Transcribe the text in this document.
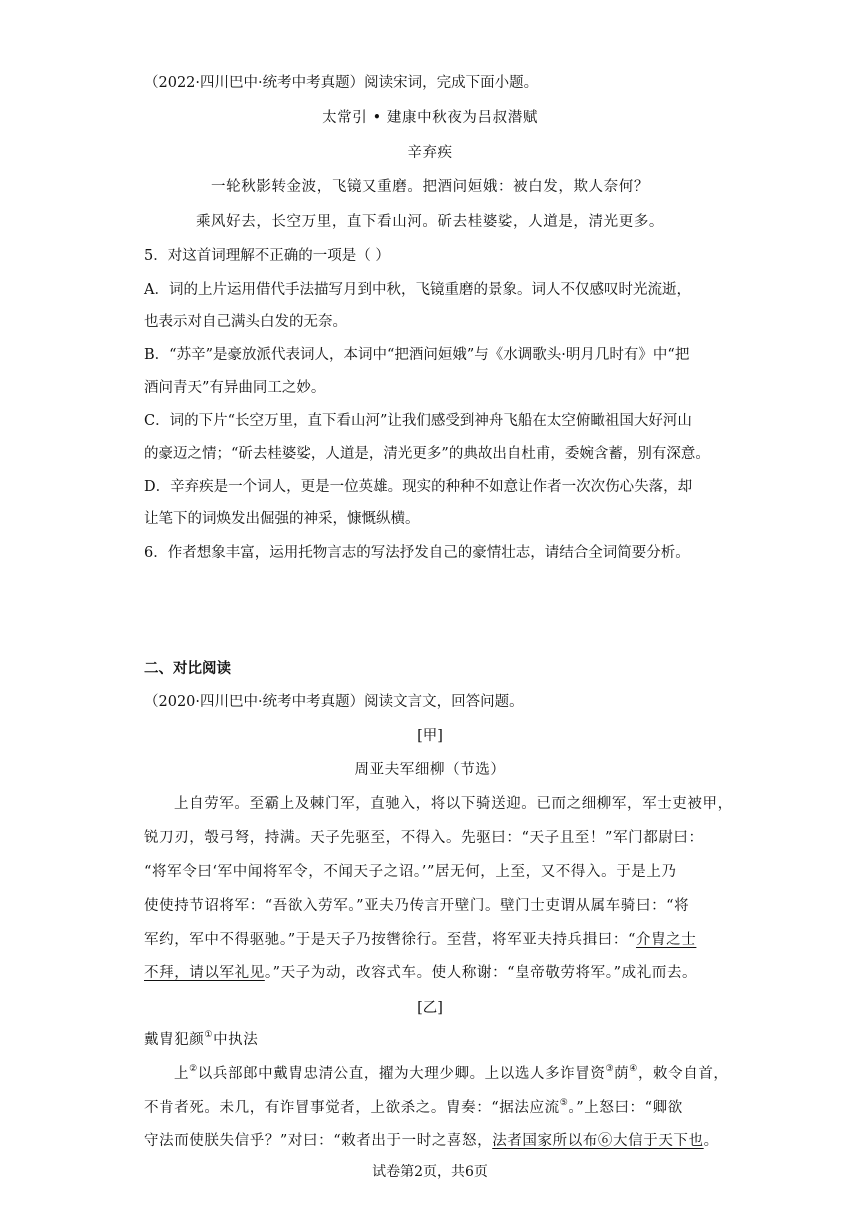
（2022·四川巴中·统考中考真题）阅读宋词，完成下面小题。
太常引 • 建康中秋夜为吕叔潜赋
辛弃疾
一轮秋影转金波，飞镜又重磨。把酒问姮娥：被白发，欺人奈何？
乘风好去，长空万里，直下看山河。斫去桂婆娑，人道是，清光更多。
5．对这首词理解不正确的一项是（ ）
A．词的上片运用借代手法描写月到中秋，飞镜重磨的景象。词人不仅感叹时光流逝，
也表示对自己满头白发的无奈。
B．“苏辛”是豪放派代表词人，本词中“把酒问姮娥”与《水调歌头·明月几时有》中“把
酒问青天”有异曲同工之妙。
C．词的下片“长空万里，直下看山河”让我们感受到神舟飞船在太空俯瞰祖国大好河山
的豪迈之情；“斫去桂婆娑，人道是，清光更多”的典故出自杜甫，委婉含蓄，别有深意。
D．辛弃疾是一个词人，更是一位英雄。现实的种种不如意让作者一次次伤心失落，却
让笔下的词焕发出倔强的神采，慷慨纵横。
6．作者想象丰富，运用托物言志的写法抒发自己的豪情壮志，请结合全词简要分析。
二、对比阅读
（2020·四川巴中·统考中考真题）阅读文言文，回答问题。
[甲]
周亚夫军细柳（节选）
上自劳军。至霸上及棘门军，直驰入，将以下骑送迎。已而之细柳军，军士吏被甲，
锐刀刃，彀弓弩，持满。天子先驱至，不得入。先驱曰：“天子且至！”军门都尉曰：
“将军令曰‘军中闻将军令，不闻天子之诏。’”居无何，上至，又不得入。于是上乃
使使持节诏将军：“吾欲入劳军。”亚夫乃传言开壁门。壁门士吏谓从属车骑曰：“将
军约，军中不得驱驰。”于是天子乃按辔徐行。至营，将军亚夫持兵揖曰：“介胄之士
不拜，请以军礼见。”天子为动，改容式车。使人称谢：“皇帝敬劳将军。”成礼而去。
[乙]
戴胄犯颜①中执法
上②以兵部郎中戴胄忠清公直，擢为大理少卿。上以选人多诈冒资③荫④，敕令自首，
不肯者死。未几，有诈冒事觉者，上欲杀之。胄奏：“据法应流⑤。”上怒曰：“卿欲
守法而使朕失信乎？”对曰：“敕者出于一时之喜怒，法者国家所以布⑥大信于天下也。
试卷第2页，共6页
